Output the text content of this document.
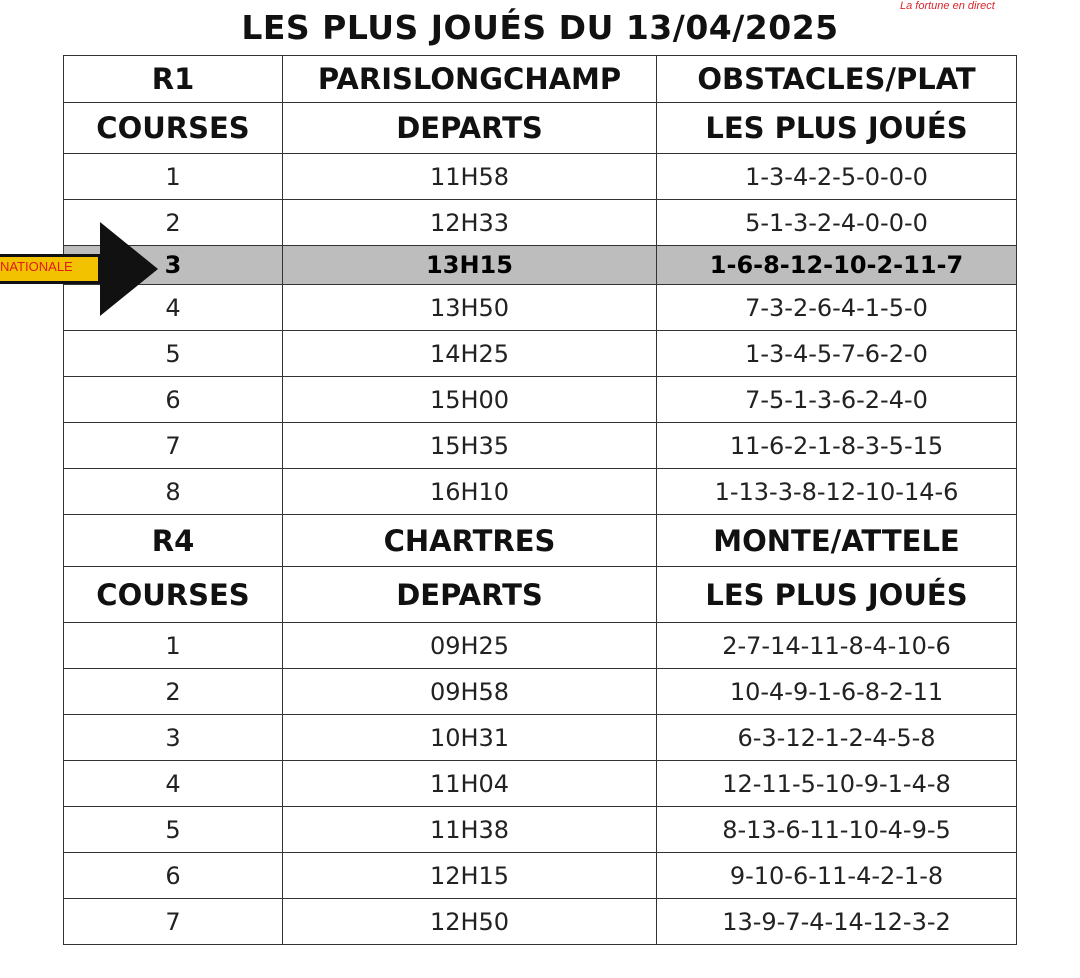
La fortune en direct
LES PLUS JOUÉS DU 13/04/2025
R1	PARISLONGCHAMP	OBSTACLES/PLAT
COURSES	DEPARTS	LES PLUS JOUÉS
1	11H58	1-3-4-2-5-0-0-0
2	12H33	5-1-3-2-4-0-0-0
3	13H15	1-6-8-12-10-2-11-7
4	13H50	7-3-2-6-4-1-5-0
5	14H25	1-3-4-5-7-6-2-0
6	15H00	7-5-1-3-6-2-4-0
7	15H35	11-6-2-1-8-3-5-15
8	16H10	1-13-3-8-12-10-14-6
R4	CHARTRES	MONTE/ATTELE
COURSES	DEPARTS	LES PLUS JOUÉS
1	09H25	2-7-14-11-8-4-10-6
2	09H58	10-4-9-1-6-8-2-11
3	10H31	6-3-12-1-2-4-5-8
4	11H04	12-11-5-10-9-1-4-8
5	11H38	8-13-6-11-10-4-9-5
6	12H15	9-10-6-11-4-2-1-8
7	12H50	13-9-7-4-14-12-3-2
NATIONALE
